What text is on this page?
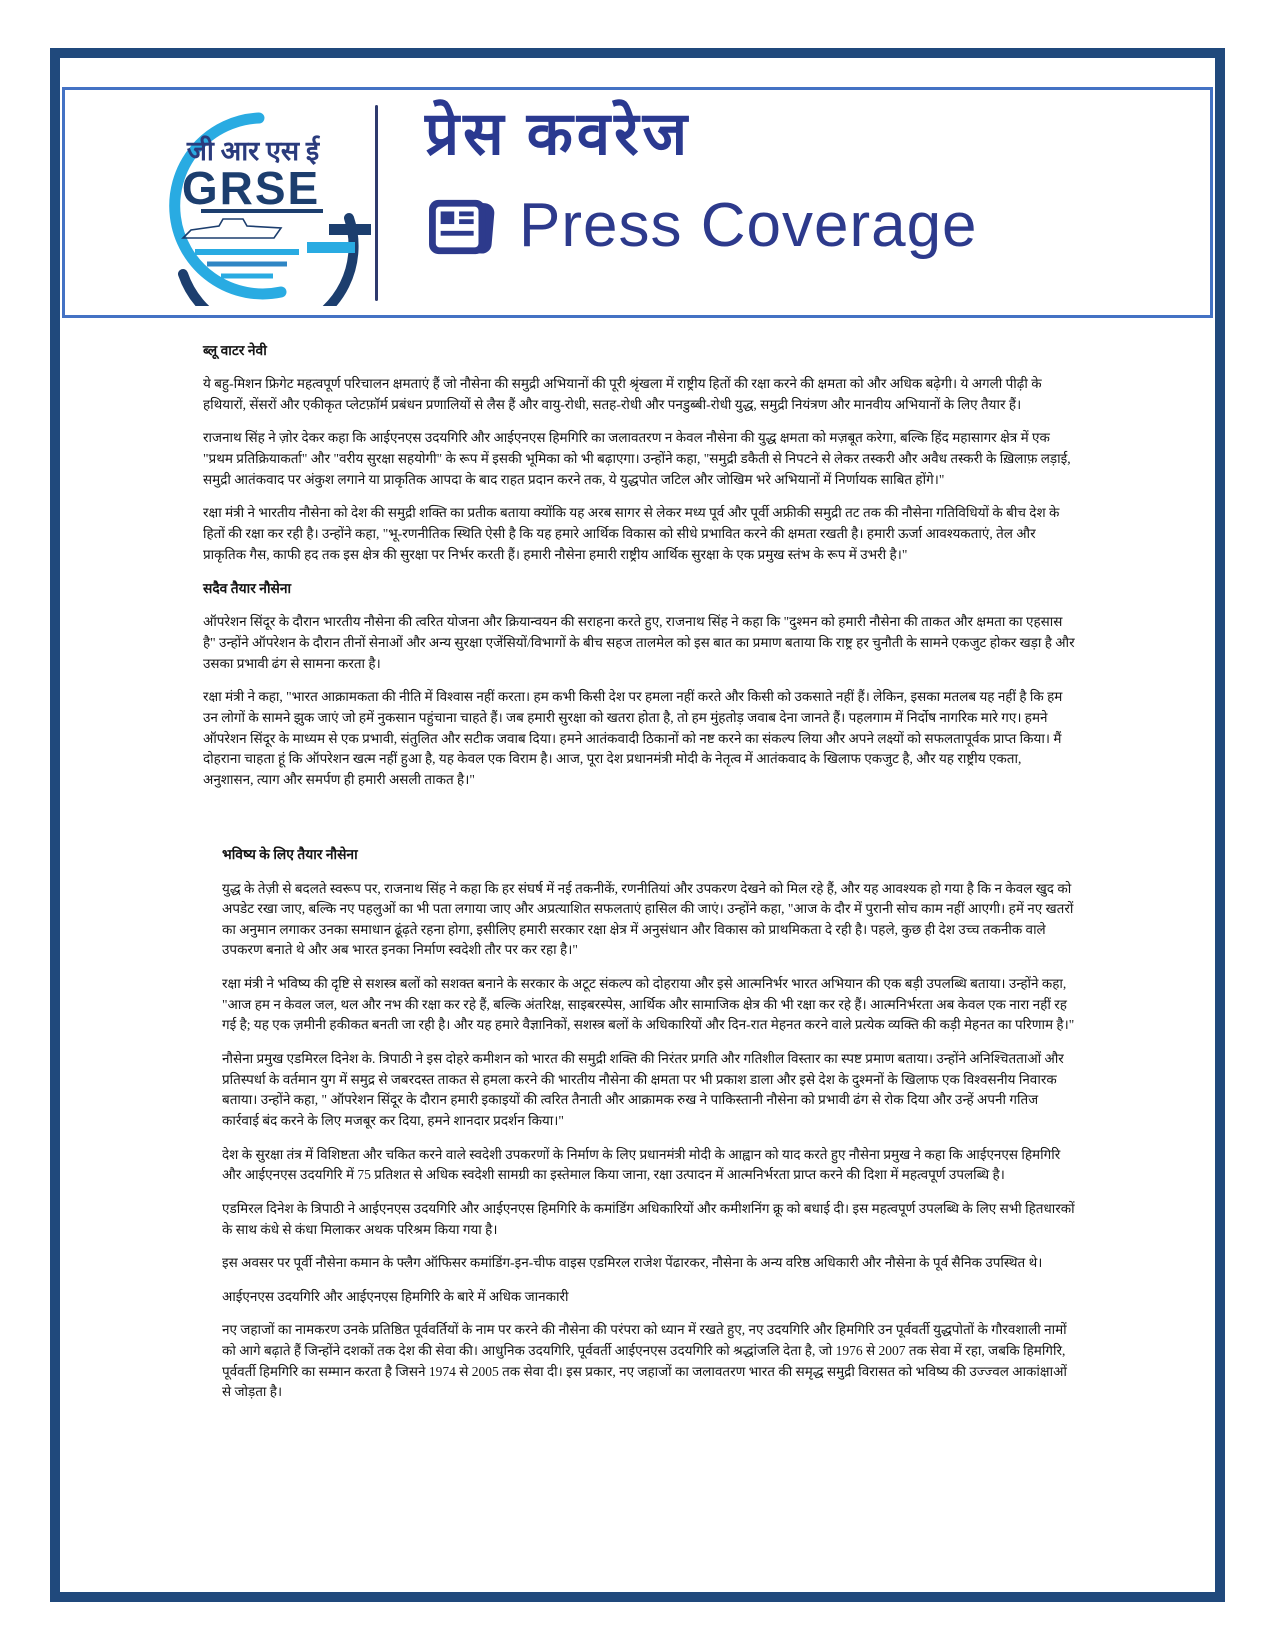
जी आर एस ई
GRSE
प्रेस कवरेज
Press Coverage

ब्लू वाटर नेवी

ये बहु-मिशन फ्रिगेट महत्वपूर्ण परिचालन क्षमताएं हैं जो नौसेना की समुद्री अभियानों की पूरी श्रृंखला में राष्ट्रीय हितों की रक्षा करने की क्षमता को और अधिक बढ़ेगी। ये अगली पीढ़ी के हथियारों, सेंसरों और एकीकृत प्लेटफ़ॉर्म प्रबंधन प्रणालियों से लैस हैं और वायु-रोधी, सतह-रोधी और पनडुब्बी-रोधी युद्ध, समुद्री नियंत्रण और मानवीय अभियानों के लिए तैयार हैं।

राजनाथ सिंह ने ज़ोर देकर कहा कि आईएनएस उदयगिरि और आईएनएस हिमगिरि का जलावतरण न केवल नौसेना की युद्ध क्षमता को मज़बूत करेगा, बल्कि हिंद महासागर क्षेत्र में एक "प्रथम प्रतिक्रियाकर्ता" और "वरीय सुरक्षा सहयोगी" के रूप में इसकी भूमिका को भी बढ़ाएगा। उन्होंने कहा, "समुद्री डकैती से निपटने से लेकर तस्करी और अवैध तस्करी के ख़िलाफ़ लड़ाई, समुद्री आतंकवाद पर अंकुश लगाने या प्राकृतिक आपदा के बाद राहत प्रदान करने तक, ये युद्धपोत जटिल और जोखिम भरे अभियानों में निर्णायक साबित होंगे।"

रक्षा मंत्री ने भारतीय नौसेना को देश की समुद्री शक्ति का प्रतीक बताया क्योंकि यह अरब सागर से लेकर मध्य पूर्व और पूर्वी अफ्रीकी समुद्री तट तक की नौसेना गतिविधियों के बीच देश के हितों की रक्षा कर रही है। उन्होंने कहा, "भू-रणनीतिक स्थिति ऐसी है कि यह हमारे आर्थिक विकास को सीधे प्रभावित करने की क्षमता रखती है। हमारी ऊर्जा आवश्यकताएं, तेल और प्राकृतिक गैस, काफी हद तक इस क्षेत्र की सुरक्षा पर निर्भर करती हैं। हमारी नौसेना हमारी राष्ट्रीय आर्थिक सुरक्षा के एक प्रमुख स्तंभ के रूप में उभरी है।"

सदैव तैयार नौसेना

ऑपरेशन सिंदूर के दौरान भारतीय नौसेना की त्वरित योजना और क्रियान्वयन की सराहना करते हुए, राजनाथ सिंह ने कहा कि "दुश्मन को हमारी नौसेना की ताकत और क्षमता का एहसास है" उन्होंने ऑपरेशन के दौरान तीनों सेनाओं और अन्य सुरक्षा एजेंसियों/विभागों के बीच सहज तालमेल को इस बात का प्रमाण बताया कि राष्ट्र हर चुनौती के सामने एकजुट होकर खड़ा है और उसका प्रभावी ढंग से सामना करता है।

रक्षा मंत्री ने कहा, "भारत आक्रामकता की नीति में विश्वास नहीं करता। हम कभी किसी देश पर हमला नहीं करते और किसी को उकसाते नहीं हैं। लेकिन, इसका मतलब यह नहीं है कि हम उन लोगों के सामने झुक जाएं जो हमें नुकसान पहुंचाना चाहते हैं। जब हमारी सुरक्षा को खतरा होता है, तो हम मुंहतोड़ जवाब देना जानते हैं। पहलगाम में निर्दोष नागरिक मारे गए। हमने ऑपरेशन सिंदूर के माध्यम से एक प्रभावी, संतुलित और सटीक जवाब दिया। हमने आतंकवादी ठिकानों को नष्ट करने का संकल्प लिया और अपने लक्ष्यों को सफलतापूर्वक प्राप्त किया। मैं दोहराना चाहता हूं कि ऑपरेशन खत्म नहीं हुआ है, यह केवल एक विराम है। आज, पूरा देश प्रधानमंत्री मोदी के नेतृत्व में आतंकवाद के खिलाफ एकजुट है, और यह राष्ट्रीय एकता, अनुशासन, त्याग और समर्पण ही हमारी असली ताकत है।"

भविष्य के लिए तैयार नौसेना

युद्ध के तेज़ी से बदलते स्वरूप पर, राजनाथ सिंह ने कहा कि हर संघर्ष में नई तकनीकें, रणनीतियां और उपकरण देखने को मिल रहे हैं, और यह आवश्यक हो गया है कि न केवल खुद को अपडेट रखा जाए, बल्कि नए पहलुओं का भी पता लगाया जाए और अप्रत्याशित सफलताएं हासिल की जाएं। उन्होंने कहा, "आज के दौर में पुरानी सोच काम नहीं आएगी। हमें नए खतरों का अनुमान लगाकर उनका समाधान ढूंढ़ते रहना होगा, इसीलिए हमारी सरकार रक्षा क्षेत्र में अनुसंधान और विकास को प्राथमिकता दे रही है। पहले, कुछ ही देश उच्च तकनीक वाले उपकरण बनाते थे और अब भारत इनका निर्माण स्वदेशी तौर पर कर रहा है।"

रक्षा मंत्री ने भविष्य की दृष्टि से सशस्त्र बलों को सशक्त बनाने के सरकार के अटूट संकल्प को दोहराया और इसे आत्मनिर्भर भारत अभियान की एक बड़ी उपलब्धि बताया। उन्होंने कहा, "आज हम न केवल जल, थल और नभ की रक्षा कर रहे हैं, बल्कि अंतरिक्ष, साइबरस्पेस, आर्थिक और सामाजिक क्षेत्र की भी रक्षा कर रहे हैं। आत्मनिर्भरता अब केवल एक नारा नहीं रह गई है; यह एक ज़मीनी हकीकत बनती जा रही है। और यह हमारे वैज्ञानिकों, सशस्त्र बलों के अधिकारियों और दिन-रात मेहनत करने वाले प्रत्येक व्यक्ति की कड़ी मेहनत का परिणाम है।"

नौसेना प्रमुख एडमिरल दिनेश के. त्रिपाठी ने इस दोहरे कमीशन को भारत की समुद्री शक्ति की निरंतर प्रगति और गतिशील विस्तार का स्पष्ट प्रमाण बताया। उन्होंने अनिश्चितताओं और प्रतिस्पर्धा के वर्तमान युग में समुद्र से जबरदस्त ताकत से हमला करने की भारतीय नौसेना की क्षमता पर भी प्रकाश डाला और इसे देश के दुश्मनों के खिलाफ एक विश्वसनीय निवारक बताया। उन्होंने कहा, " ऑपरेशन सिंदूर के दौरान हमारी इकाइयों की त्वरित तैनाती और आक्रामक रुख ने पाकिस्तानी नौसेना को प्रभावी ढंग से रोक दिया और उन्हें अपनी गतिज कार्रवाई बंद करने के लिए मजबूर कर दिया, हमने शानदार प्रदर्शन किया।"

देश के सुरक्षा तंत्र में विशिष्टता और चकित करने वाले स्वदेशी उपकरणों के निर्माण के लिए प्रधानमंत्री मोदी के आह्वान को याद करते हुए नौसेना प्रमुख ने कहा कि आईएनएस हिमगिरि और आईएनएस उदयगिरि में 75 प्रतिशत से अधिक स्वदेशी सामग्री का इस्तेमाल किया जाना, रक्षा उत्पादन में आत्मनिर्भरता प्राप्त करने की दिशा में महत्वपूर्ण उपलब्धि है।

एडमिरल दिनेश के त्रिपाठी ने आईएनएस उदयगिरि और आईएनएस हिमगिरि के कमांडिंग अधिकारियों और कमीशनिंग क्रू को बधाई दी। इस महत्वपूर्ण उपलब्धि के लिए सभी हितधारकों के साथ कंधे से कंधा मिलाकर अथक परिश्रम किया गया है।

इस अवसर पर पूर्वी नौसेना कमान के फ्लैग ऑफिसर कमांडिंग-इन-चीफ वाइस एडमिरल राजेश पेंढारकर, नौसेना के अन्य वरिष्ठ अधिकारी और नौसेना के पूर्व सैनिक उपस्थित थे।

आईएनएस उदयगिरि और आईएनएस हिमगिरि के बारे में अधिक जानकारी

नए जहाजों का नामकरण उनके प्रतिष्ठित पूर्ववर्तियों के नाम पर करने की नौसेना की परंपरा को ध्यान में रखते हुए, नए उदयगिरि और हिमगिरि उन पूर्ववर्ती युद्धपोतों के गौरवशाली नामों को आगे बढ़ाते हैं जिन्होंने दशकों तक देश की सेवा की। आधुनिक उदयगिरि, पूर्ववर्ती आईएनएस उदयगिरि को श्रद्धांजलि देता है, जो 1976 से 2007 तक सेवा में रहा, जबकि हिमगिरि, पूर्ववर्ती हिमगिरि का सम्मान करता है जिसने 1974 से 2005 तक सेवा दी। इस प्रकार, नए जहाजों का जलावतरण भारत की समृद्ध समुद्री विरासत को भविष्य की उज्ज्वल आकांक्षाओं से जोड़ता है।
